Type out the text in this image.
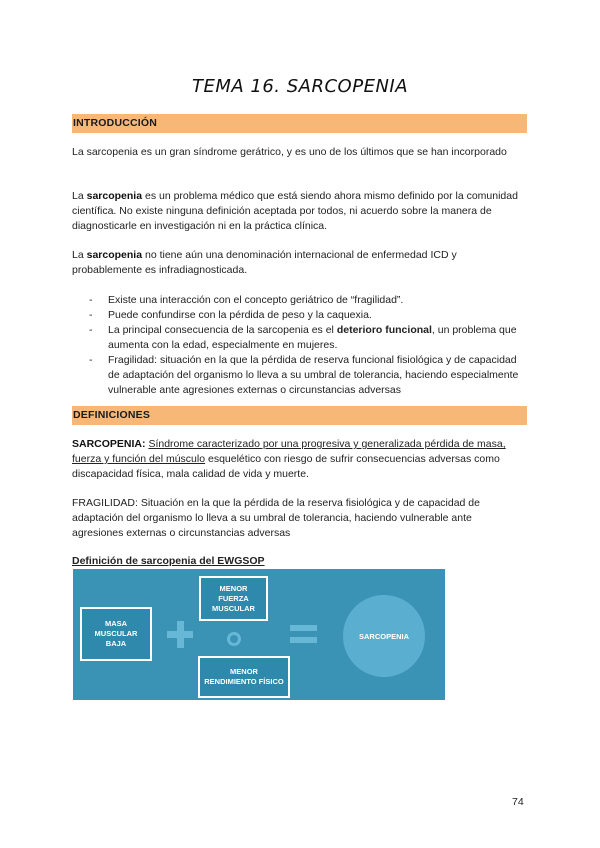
TEMA 16. SARCOPENIA
INTRODUCCIÓN

La sarcopenia es un gran síndrome gerátrico, y es uno de los últimos que se han incorporado

La sarcopenia es un problema médico que está siendo ahora mismo definido por la comunidad científica. No existe ninguna definición aceptada por todos, ni acuerdo sobre la manera de diagnosticarle en investigación ni en la práctica clínica.

La sarcopenia no tiene aún una denominación internacional de enfermedad ICD y probablemente es infradiagnosticada.

- Existe una interacción con el concepto geriátrico de “fragilidad”.
- Puede confundirse con la pérdida de peso y la caquexia.
- La principal consecuencia de la sarcopenia es el deterioro funcional, un problema que aumenta con la edad, especialmente en mujeres.
- Fragilidad: situación en la que la pérdida de reserva funcional fisiológica y de capacidad de adaptación del organismo lo lleva a su umbral de tolerancia, haciendo especialmente vulnerable ante agresiones externas o circunstancias adversas
DEFINICIONES

SARCOPENIA: Síndrome caracterizado por una progresiva y generalizada pérdida de masa, fuerza y función del músculo esquelético con riesgo de sufrir consecuencias adversas como discapacidad física, mala calidad de vida y muerte.

FRAGILIDAD: Situación en la que la pérdida de la reserva fisiológica y de capacidad de adaptación del organismo lo lleva a su umbral de tolerancia, haciendo vulnerable ante agresiones externas o circunstancias adversas

Definición de sarcopenia del EWGSOP

MASA MUSCULAR BAJA
MENOR FUERZA MUSCULAR
MENOR RENDIMIENTO FÍSICO
SARCOPENIA
74
